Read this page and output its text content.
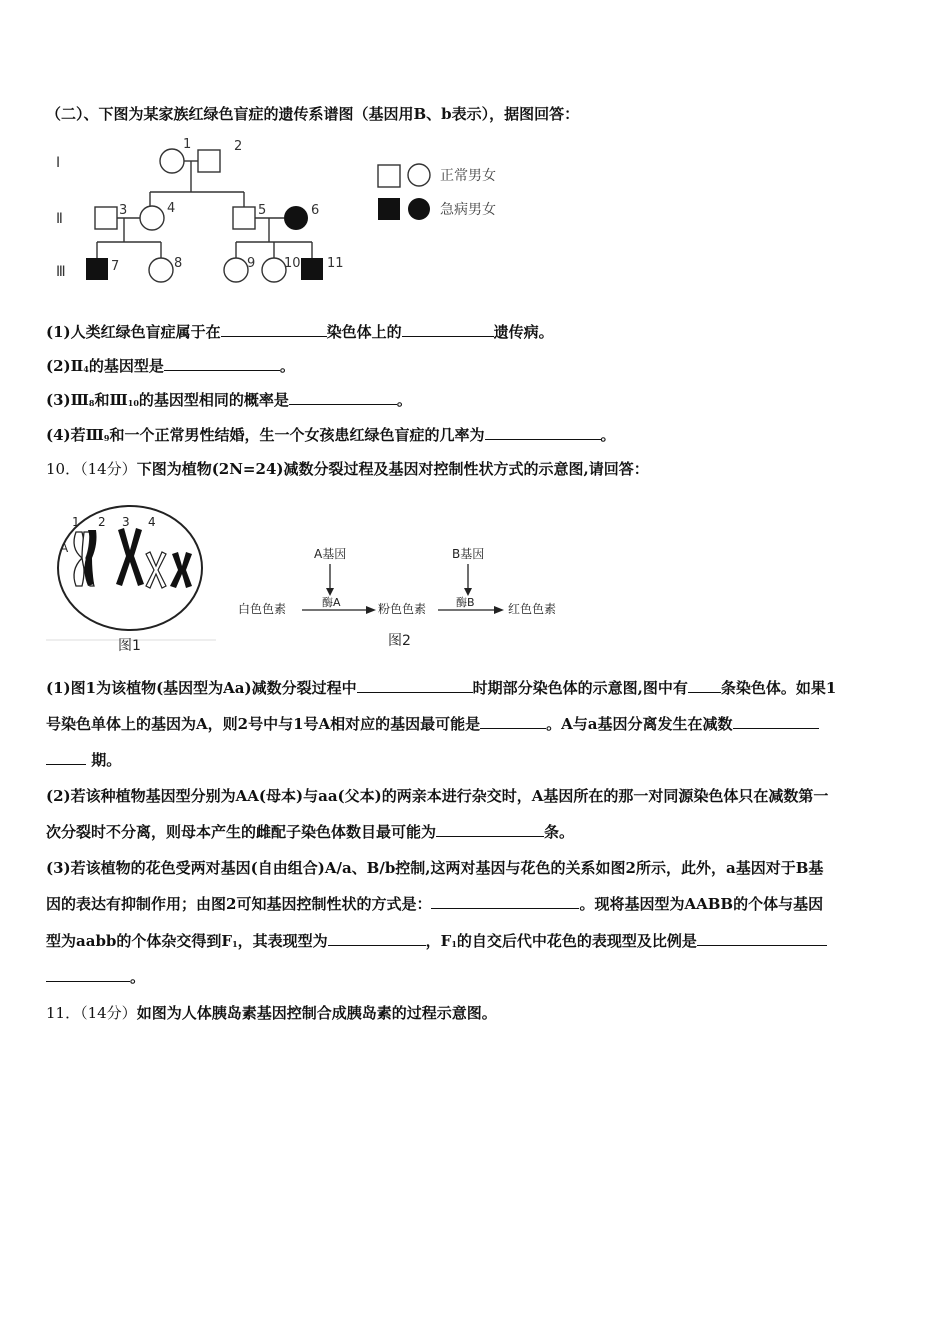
（二）、下图为某家族红绿色盲症的遗传系谱图（基因用B、b表示），据图回答：
Ⅰ
Ⅱ
Ⅲ
1	2
3	4	5	6
7	8	9 10 11
正常男女
急病男女
(1)人类红绿色盲症属于在	染色体上的	遗传病。
$(2)Ⅱ_4$的基因型是	。
$(3)Ⅲ_8$和$Ⅲ_{10}$的基因型相同的概率是	。
(4)若$Ⅲ_9$和一个正常男性结婚，生一个女孩患红绿色盲症的几率为	。
10．（14分）下图为植物(2N=24)减数分裂过程及基因对控制性状方式的示意图,请回答：
1 2 3 4
A
图1
A基因
酶A
B基因
酶B
白色色素	粉色色素	红色色素
图2
(1)图1为该植物(基因型为Aa)减数分裂过程中	时期部分染色体的示意图,图中有 条染色体。如果1
号染色单体上的基因为A，则2号中与1号A相对应的基因最可能是	。A与a基因分离发生在减数
期。
(2)若该种植物基因型分别为AA(母本)与aa(父本)的两亲本进行杂交时，A基因所在的那一对同源染色体只在减数第一
次分裂时不分离，则母本产生的雌配子染色体数目最可能为	条。
(3)若该植物的花色受两对基因(自由组合)A/a、B/b控制,这两对基因与花色的关系如图2所示，此外，a基因对于B基
因的表达有抑制作用；由图2可知基因控制性状的方式是：	。现将基因型为AABB的个体与基因
型为aabb的个体杂交得到$F_1$，其表现型为	，$F_1$的自交后代中花色的表现型及比例是
。
11．（14分）如图为人体胰岛素基因控制合成胰岛素的过程示意图。
